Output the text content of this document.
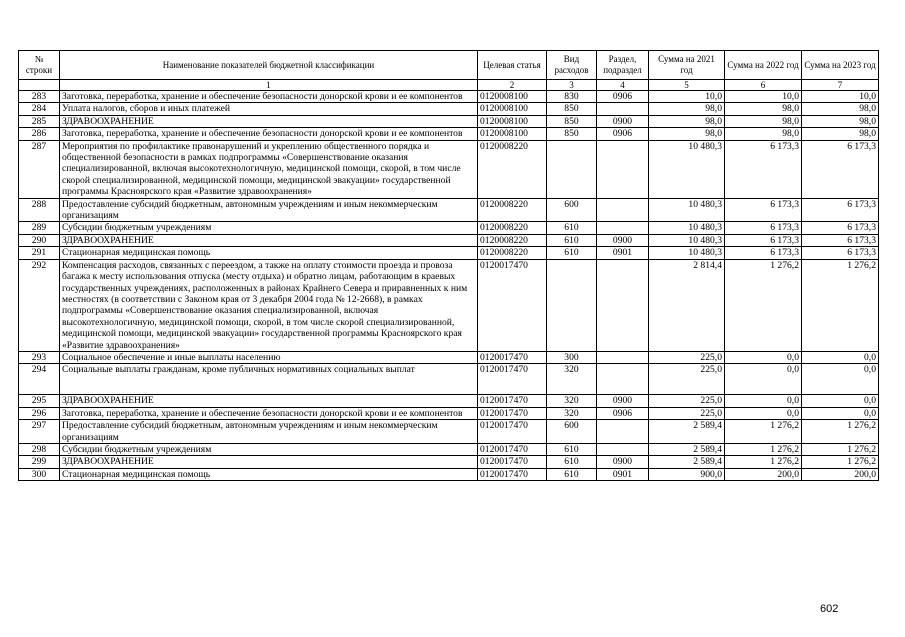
№ строки	Наименование показателей бюджетной классификации	Целевая статья	Вид расходов	Раздел, подраздел	Сумма на 2021 год	Сумма на 2022 год	Сумма на 2023 год
	1	2	3	4	5	6	7
283	Заготовка, переработка, хранение и обеспечение безопасности донорской крови и ее компонентов	0120008100	830	0906	10,0	10,0	10,0
284	Уплата налогов, сборов и иных платежей	0120008100	850		98,0	98,0	98,0
285	ЗДРАВООХРАНЕНИЕ	0120008100	850	0900	98,0	98,0	98,0
286	Заготовка, переработка, хранение и обеспечение безопасности донорской крови и ее компонентов	0120008100	850	0906	98,0	98,0	98,0
287	Мероприятия по профилактике правонарушений и укреплению общественного порядка и общественной безопасности в рамках подпрограммы «Совершенствование оказания специализированной, включая высокотехнологичную, медицинской помощи, скорой, в том числе скорой специализированной, медицинской помощи, медицинской эвакуации» государственной программы Красноярского края «Развитие здравоохранения»	0120008220			10 480,3	6 173,3	6 173,3
288	Предоставление субсидий бюджетным, автономным учреждениям и иным некоммерческим организациям	0120008220	600		10 480,3	6 173,3	6 173,3
289	Субсидии бюджетным учреждениям	0120008220	610		10 480,3	6 173,3	6 173,3
290	ЗДРАВООХРАНЕНИЕ	0120008220	610	0900	10 480,3	6 173,3	6 173,3
291	Стационарная медицинская помощь	0120008220	610	0901	10 480,3	6 173,3	6 173,3
292	Компенсация расходов, связанных с переездом, а также на оплату стоимости проезда и провоза багажа к месту использования отпуска (месту отдыха) и обратно лицам, работающим в краевых государственных учреждениях, расположенных в районах Крайнего Севера и приравненных к ним местностях (в соответствии с Законом края от 3 декабря 2004 года № 12-2668), в рамках подпрограммы «Совершенствование оказания специализированной, включая высокотехнологичную, медицинской помощи, скорой, в том числе скорой специализированной, медицинской помощи, медицинской эвакуации» государственной программы Красноярского края «Развитие здравоохранения»	0120017470			2 814,4	1 276,2	1 276,2
293	Социальное обеспечение и иные выплаты населению	0120017470	300		225,0	0,0	0,0
294	Социальные выплаты гражданам, кроме публичных нормативных социальных выплат	0120017470	320		225,0	0,0	0,0
295	ЗДРАВООХРАНЕНИЕ	0120017470	320	0900	225,0	0,0	0,0
296	Заготовка, переработка, хранение и обеспечение безопасности донорской крови и ее компонентов	0120017470	320	0906	225,0	0,0	0,0
297	Предоставление субсидий бюджетным, автономным учреждениям и иным некоммерческим организациям	0120017470	600		2 589,4	1 276,2	1 276,2
298	Субсидии бюджетным учреждениям	0120017470	610		2 589,4	1 276,2	1 276,2
299	ЗДРАВООХРАНЕНИЕ	0120017470	610	0900	2 589,4	1 276,2	1 276,2
300	Стационарная медицинская помощь	0120017470	610	0901	900,0	200,0	200,0
602
